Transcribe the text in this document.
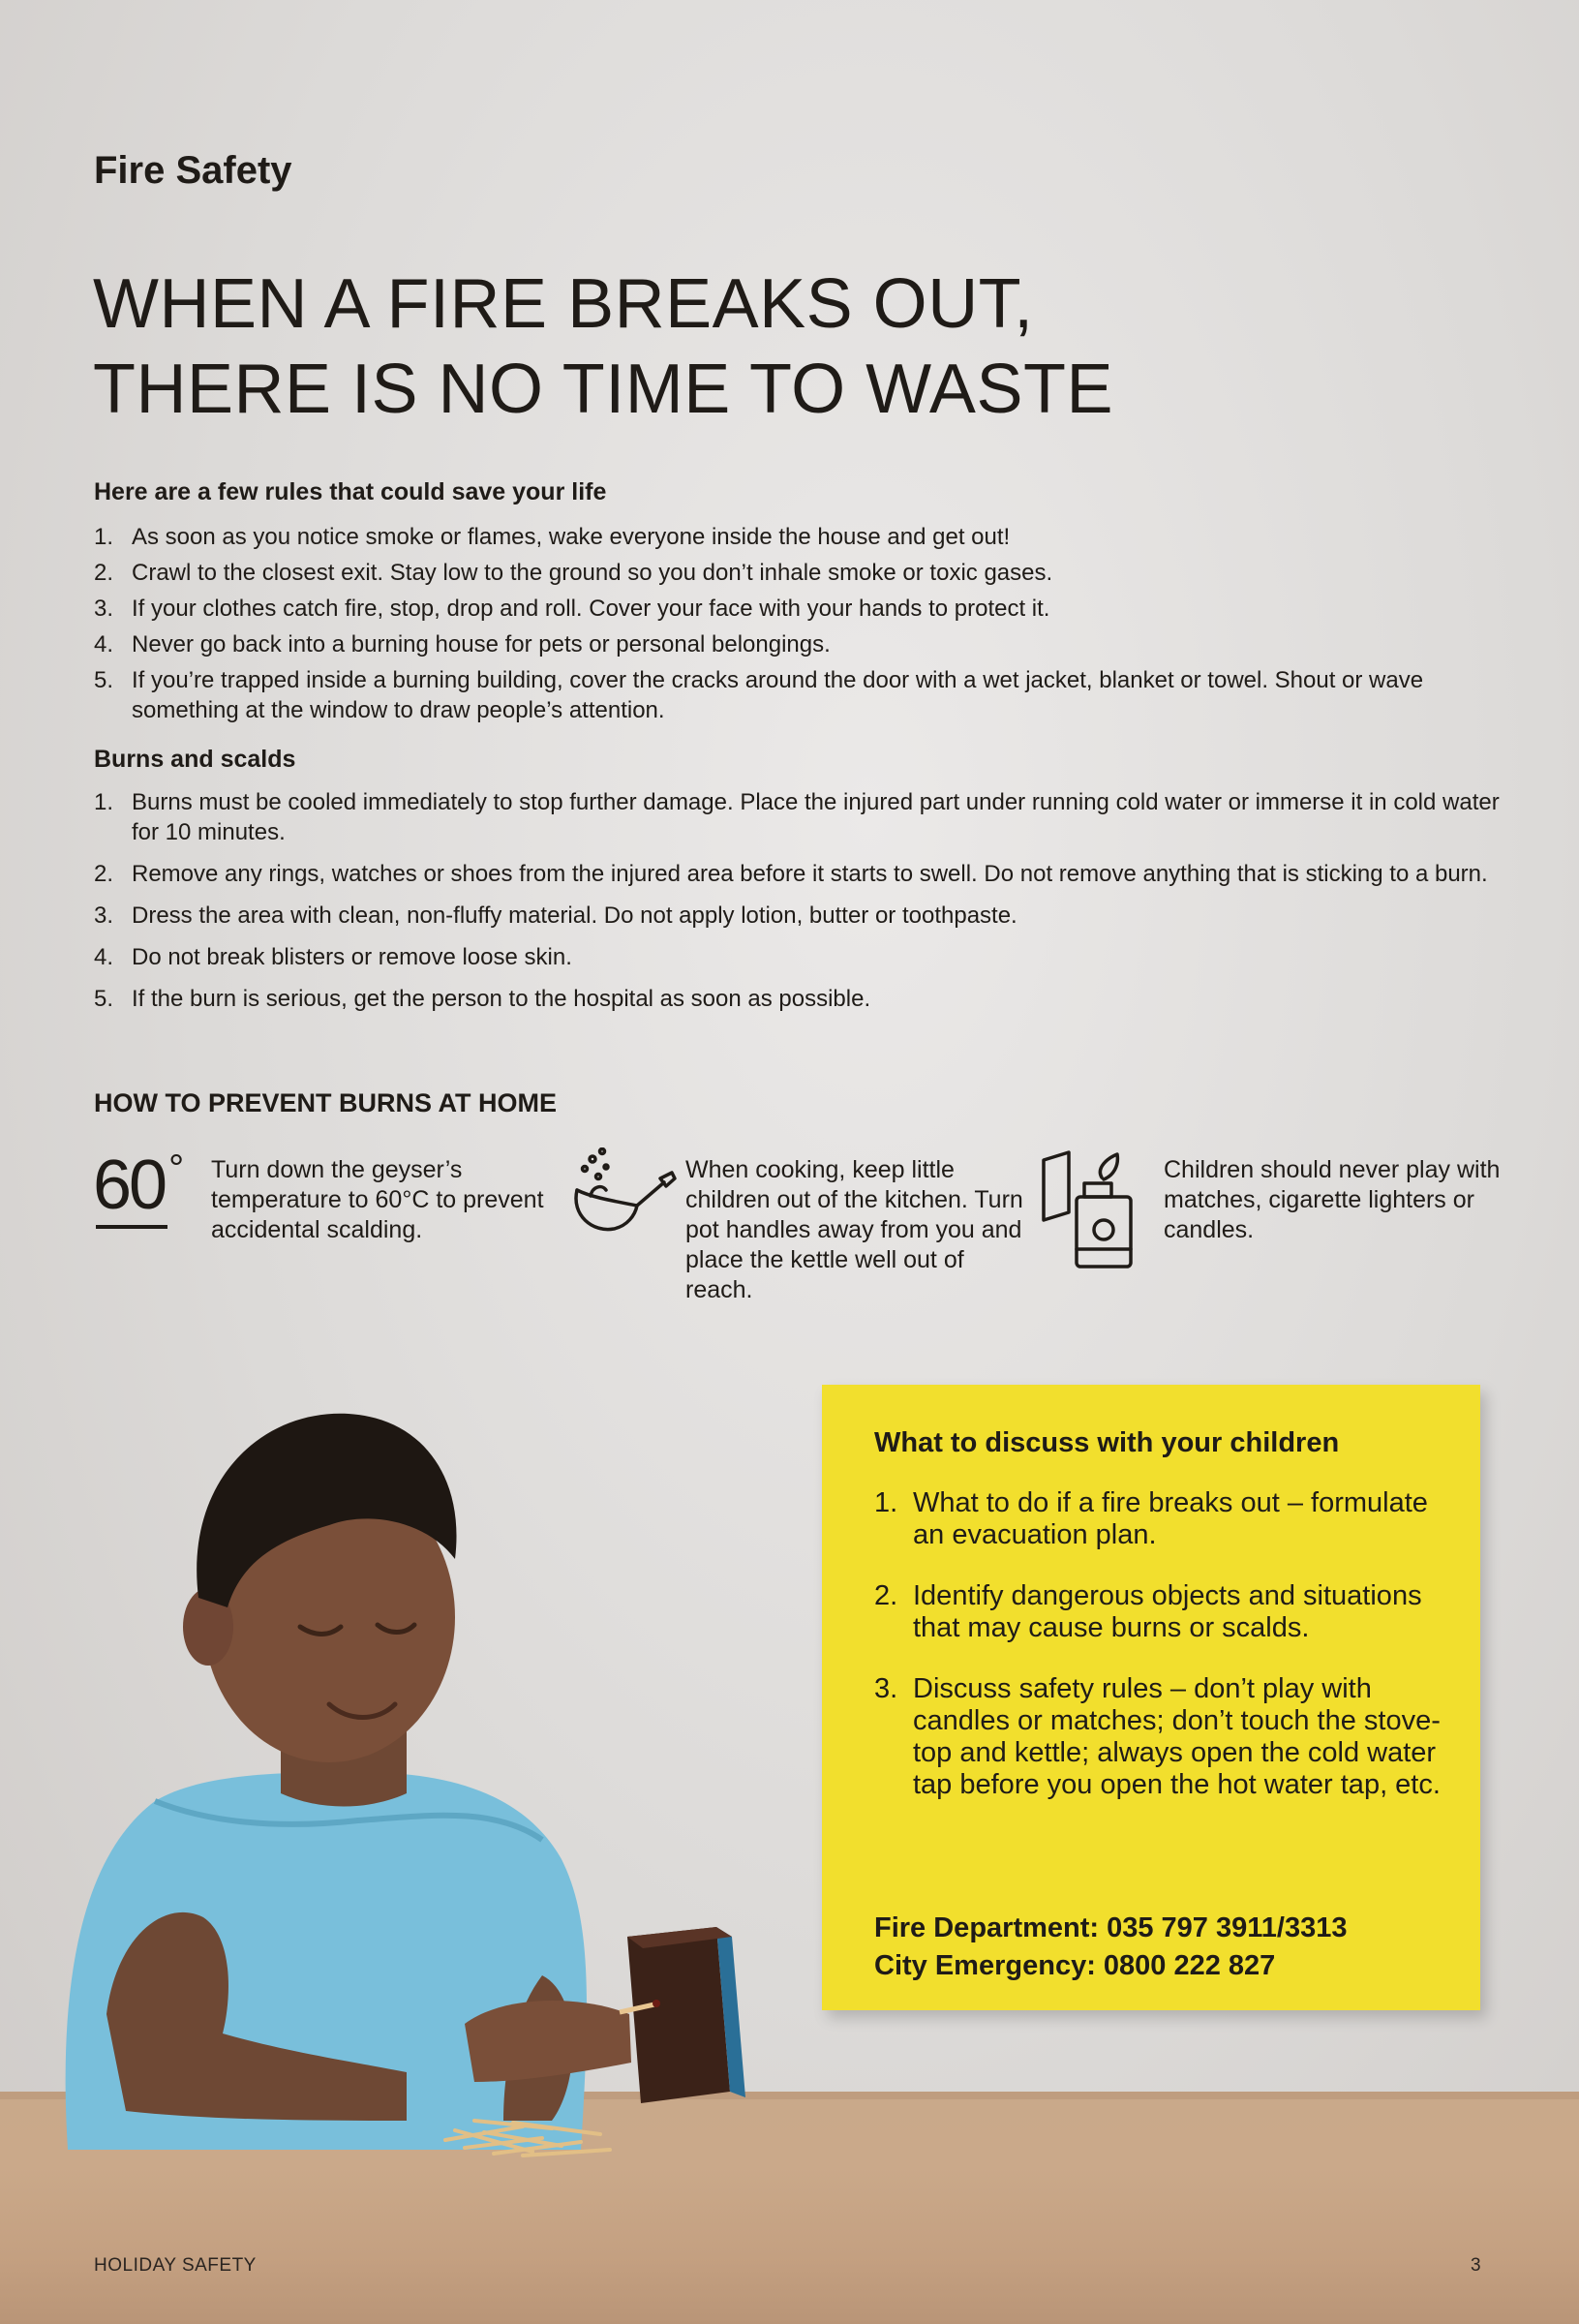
Fire Safety
WHEN A FIRE BREAKS OUT,
THERE IS NO TIME TO WASTE
Here are a few rules that could save your life
1. As soon as you notice smoke or flames, wake everyone inside the house and get out!
2. Crawl to the closest exit. Stay low to the ground so you don’t inhale smoke or toxic gases.
3. If your clothes catch fire, stop, drop and roll. Cover your face with your hands to protect it.
4. Never go back into a burning house for pets or personal belongings.
5. If you’re trapped inside a burning building, cover the cracks around the door with a wet jacket, blanket or towel. Shout or wave something at the window to draw people’s attention.
Burns and scalds
1. Burns must be cooled immediately to stop further damage. Place the injured part under running cold water or immerse it in cold water for 10 minutes.
2. Remove any rings, watches or shoes from the injured area before it starts to swell. Do not remove anything that is sticking to a burn.
3. Dress the area with clean, non-fluffy material. Do not apply lotion, butter or toothpaste.
4. Do not break blisters or remove loose skin.
5. If the burn is serious, get the person to the hospital as soon as possible.
HOW TO PREVENT BURNS AT HOME
60 ° Turn down the geyser’s temperature to 60°C to prevent accidental scalding.
When cooking, keep little children out of the kitchen. Turn pot handles away from you and place the kettle well out of reach.
Children should never play with matches, cigarette lighters or candles.
What to discuss with your children
1. What to do if a fire breaks out – formulate an evacuation plan.
2. Identify dangerous objects and situations that may cause burns or scalds.
3. Discuss safety rules – don’t play with candles or matches; don’t touch the stove-top and kettle; always open the cold water tap before you open the hot water tap, etc.
Fire Department: 035 797 3911/3313
City Emergency: 0800 222 827
HOLIDAY SAFETY	3
